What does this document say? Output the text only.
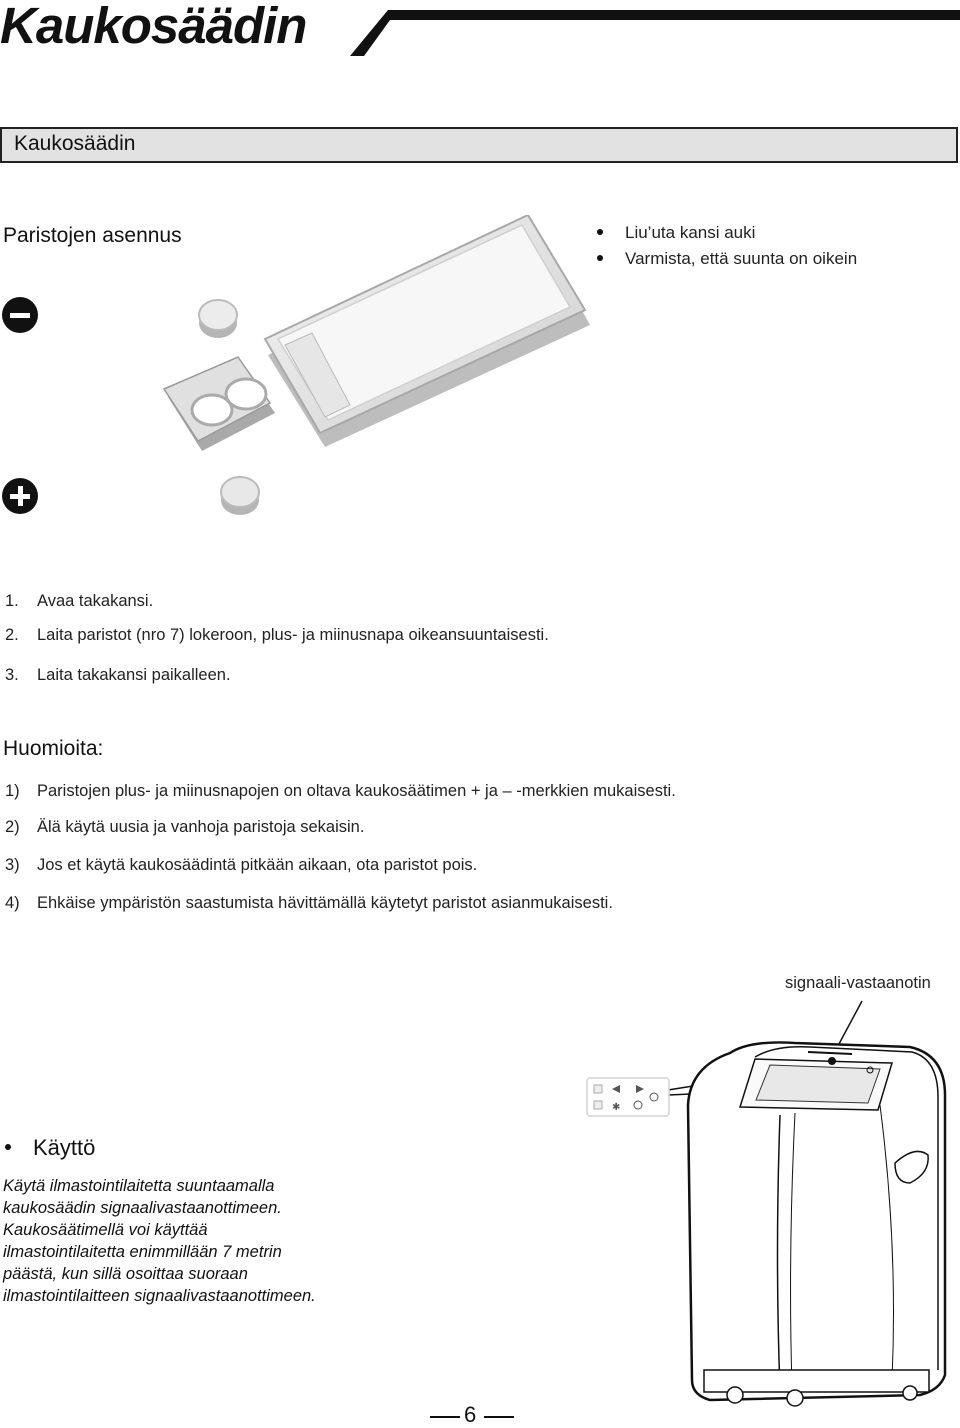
Kaukosäädin
Kaukosäädin
Paristojen asennus	Liu’uta kansi auki
Varmista, että suunta on oikein
1. Avaa takakansi.
2. Laita paristot (nro 7) lokeroon, plus- ja miinusnapa oikeansuuntaisesti.
3. Laita takakansi paikalleen.
Huomioita:
1) Paristojen plus- ja miinusnapojen on oltava kaukosäätimen + ja – -merkkien mukaisesti.
2) Älä käytä uusia ja vanhoja paristoja sekaisin.
3) Jos et käytä kaukosäädintä pitkään aikaan, ota paristot pois.
4) Ehkäise ympäristön saastumista hävittämällä käytetyt paristot asianmukaisesti.
signaali-vastaanotin
✱
Käyttö
Käytä ilmastointilaitetta suuntaamalla
kaukosäädin signaalivastaanottimeen.
Kaukosäätimellä voi käyttää
ilmastointilaitetta enimmillään 7 metrin
päästä, kun sillä osoittaa suoraan
ilmastointilaitteen signaalivastaanottimeen.
6
